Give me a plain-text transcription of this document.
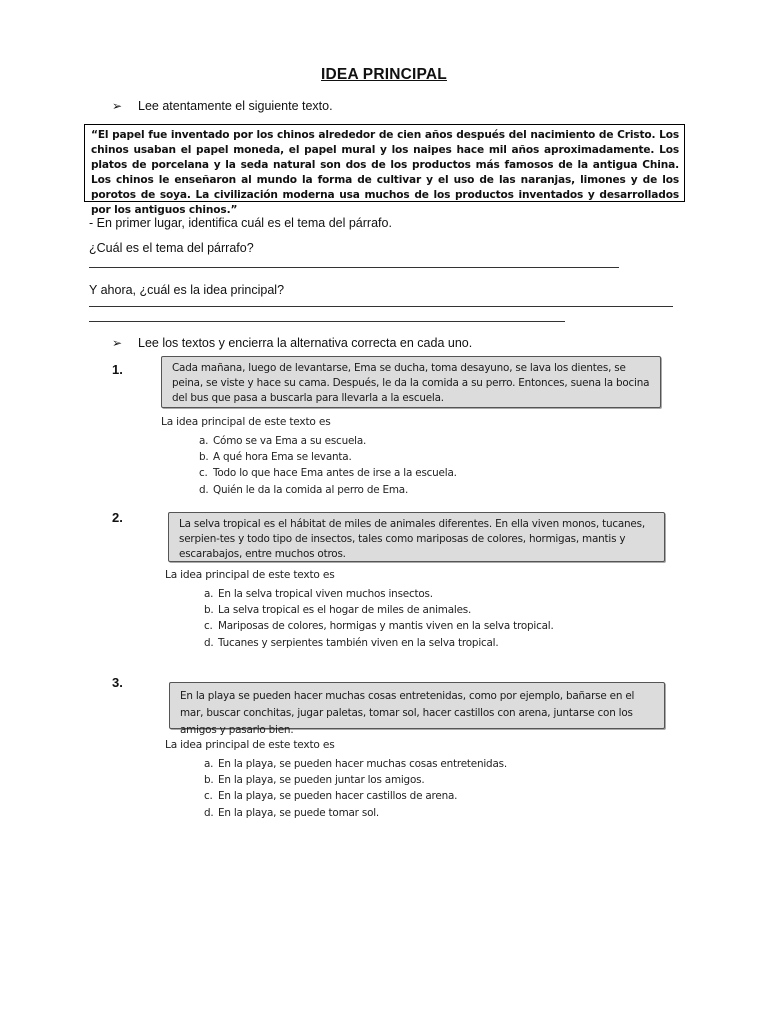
IDEA PRINCIPAL
➢ Lee atentamente el siguiente texto.
“El papel fue inventado por los chinos alrededor de cien años después del nacimiento de Cristo. Los chinos usaban el papel moneda, el papel mural y los naipes hace mil años aproximadamente. Los platos de porcelana y la seda natural son dos de los productos más famosos de la antigua China. Los chinos le enseñaron al mundo la forma de cultivar y el uso de las naranjas, limones y de los porotos de soya. La civilización moderna usa muchos de los productos inventados y desarrollados por los antiguos chinos.”
- En primer lugar, identifica cuál es el tema del párrafo.
¿Cuál es el tema del párrafo?
Y ahora, ¿cuál es la idea principal?
➢ Lee los textos y encierra la alternativa correcta en cada uno.
1.	Cada mañana, luego de levantarse, Ema se ducha, toma desayuno, se lava los dientes, se peina, se viste y hace su cama. Después, le da la comida a su perro. Entonces, suena la bocina del bus que pasa a buscarla para llevarla a la escuela.
La idea principal de este texto es
a. Cómo se va Ema a su escuela.
b. A qué hora Ema se levanta.
c. Todo lo que hace Ema antes de irse a la escuela.
d. Quién le da la comida al perro de Ema.
2.	La selva tropical es el hábitat de miles de animales diferentes. En ella viven monos, tucanes, serpien-tes y todo tipo de insectos, tales como mariposas de colores, hormigas, mantis y escarabajos, entre muchos otros.
La idea principal de este texto es
a. En la selva tropical viven muchos insectos.
b. La selva tropical es el hogar de miles de animales.
c. Mariposas de colores, hormigas y mantis viven en la selva tropical.
d. Tucanes y serpientes también viven en la selva tropical.
3.
En la playa se pueden hacer muchas cosas entretenidas, como por ejemplo, bañarse en el mar, buscar conchitas, jugar paletas, tomar sol, hacer castillos con arena, juntarse con los amigos y pasarlo bien.
La idea principal de este texto es
a. En la playa, se pueden hacer muchas cosas entretenidas.
b. En la playa, se pueden juntar los amigos.
c. En la playa, se pueden hacer castillos de arena.
d. En la playa, se puede tomar sol.
